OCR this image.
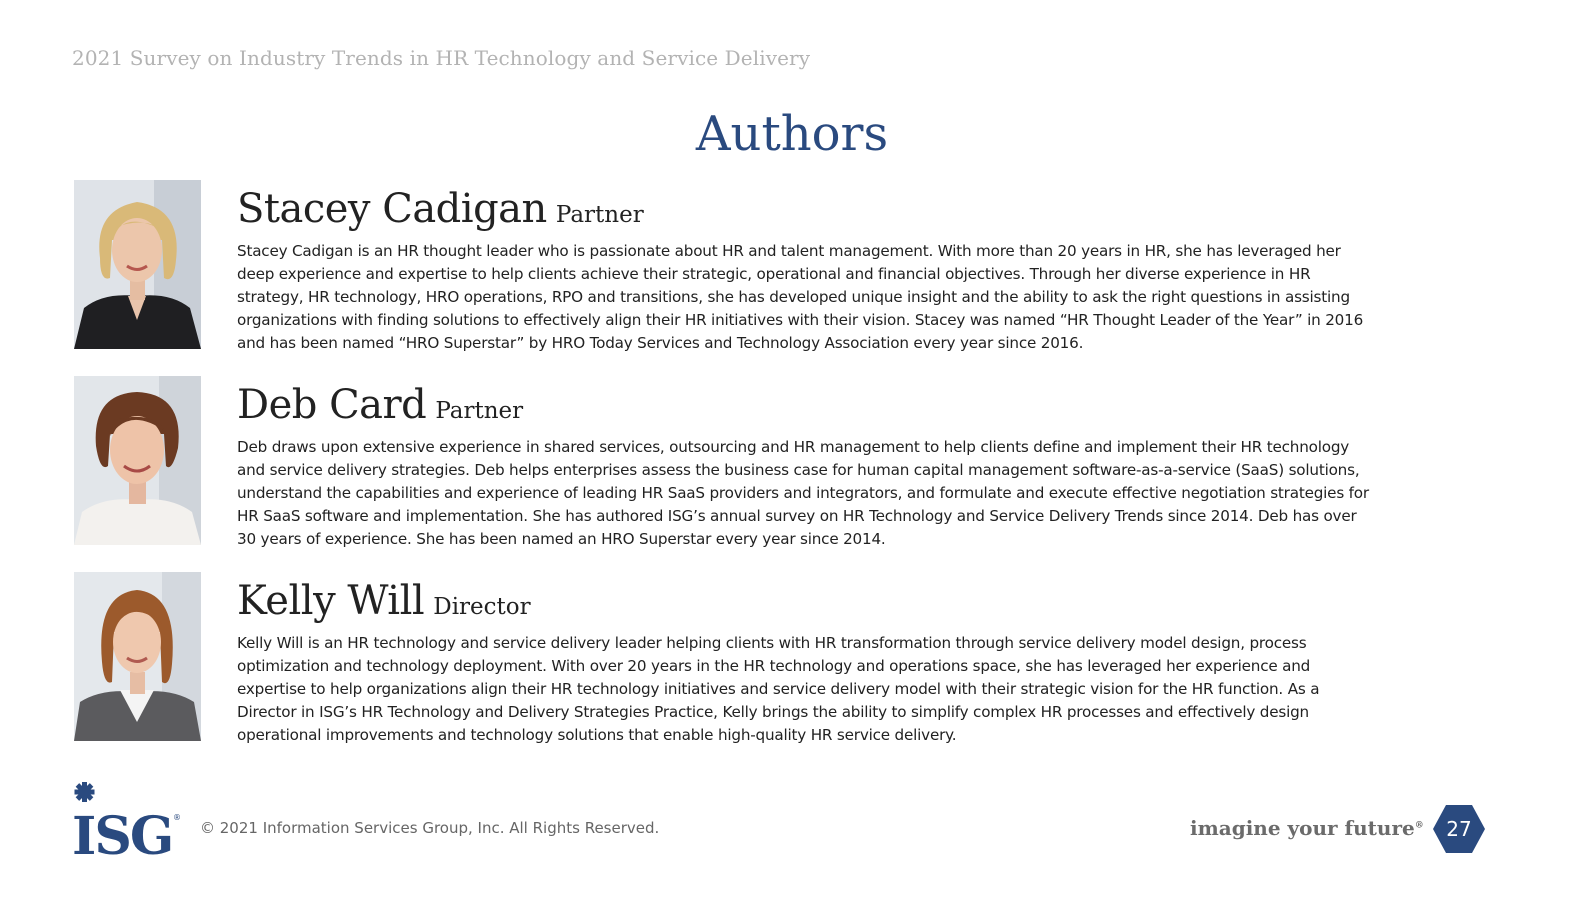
2021 Survey on Industry Trends in HR Technology and Service Delivery
Authors
Stacey Cadigan Partner
Stacey Cadigan is an HR thought leader who is passionate about HR and talent management. With more than 20 years in HR, she has leveraged her deep experience and expertise to help clients achieve their strategic, operational and financial objectives. Through her diverse experience in HR strategy, HR technology, HRO operations, RPO and transitions, she has developed unique insight and the ability to ask the right questions in assisting organizations with finding solutions to effectively align their HR initiatives with their vision. Stacey was named “HR Thought Leader of the Year” in 2016 and has been named “HRO Superstar” by HRO Today Services and Technology Association every year since 2016.
Deb Card Partner
Deb draws upon extensive experience in shared services, outsourcing and HR management to help clients define and implement their HR technology and service delivery strategies. Deb helps enterprises assess the business case for human capital management software-as-a-service (SaaS) solutions, understand the capabilities and experience of leading HR SaaS providers and integrators, and formulate and execute effective negotiation strategies for HR SaaS software and implementation. She has authored ISG’s annual survey on HR Technology and Service Delivery Trends since 2014. Deb has over 30 years of experience. She has been named an HRO Superstar every year since 2014.
Kelly Will Director
Kelly Will is an HR technology and service delivery leader helping clients with HR transformation through service delivery model design, process optimization and technology deployment. With over 20 years in the HR technology and operations space, she has leveraged her experience and expertise to help organizations align their HR technology initiatives and service delivery model with their strategic vision for the HR function. As a Director in ISG’s HR Technology and Delivery Strategies Practice, Kelly brings the ability to simplify complex HR processes and effectively design operational improvements and technology solutions that enable high-quality HR service delivery.
ISG ®
© 2021 Information Services Group, Inc. All Rights Reserved.	imagine your future®	27
